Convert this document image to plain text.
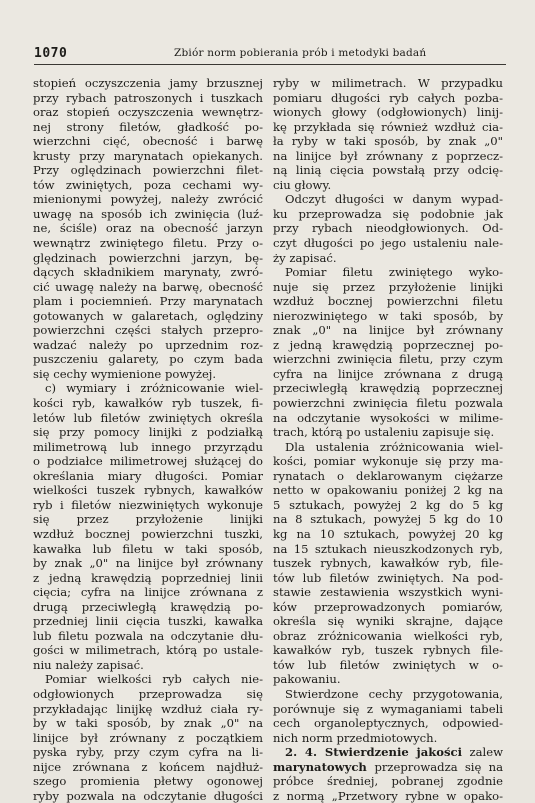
1070	Zbiór norm pobierania prób i metodyki badań
stopień oczyszczenia jamy brzusznej
przy rybach patroszonych i tuszkach
oraz stopień oczyszczenia wewnętrz-
nej strony filetów, gładkość po-
wierzchni cięć, obecność i barwę
krusty przy marynatach opiekanych.
Przy oględzinach powierzchni filet-
tów zwiniętych, poza cechami wy-
mienionymi powyżej, należy zwrócić
uwagę na sposób ich zwinięcia (luź-
ne, ściśle) oraz na obecność jarzyn
wewnątrz zwiniętego filetu. Przy o-
ględzinach powierzchni jarzyn, bę-
dących składnikiem marynaty, zwró-
cić uwagę należy na barwę, obecność
plam i pociemnień. Przy marynatach
gotowanych w galaretach, oględziny
powierzchni części stałych przepro-
wadzać należy po uprzednim roz-
puszczeniu galarety, po czym bada
się cechy wymienione powyżej.
c) wymiary i zróżnicowanie wiel-
kości ryb, kawałków ryb tuszek, fi-
letów lub filetów zwiniętych określa
się przy pomocy linijki z podziałką
milimetrową lub innego przyrządu
o podziałce milimetrowej służącej do
określania miary długości. Pomiar
wielkości tuszek rybnych, kawałków
ryb i filetów niezwiniętych wykonuje
się przez przyłożenie linijki
wzdłuż bocznej powierzchni tuszki,
kawałka lub filetu w taki sposób,
by znak „0" na linijce był zrównany
z jedną krawędzią poprzedniej linii
cięcia; cyfra na linijce zrównana z
drugą przeciwległą krawędzią po-
przedniej linii cięcia tuszki, kawałka
lub filetu pozwala na odczytanie dłu-
gości w milimetrach, którą po ustale-
niu należy zapisać.
Pomiar wielkości ryb całych nie-
odgłowionych przeprowadza się
przykładając linijkę wzdłuż ciała ry-
by w taki sposób, by znak „0" na
linijce był zrównany z początkiem
pyska ryby, przy czym cyfra na li-
nijce zrównana z końcem najdłuż-
szego promienia płetwy ogonowej
ryby pozwala na odczytanie długości
ryby w milimetrach. W przypadku
pomiaru długości ryb całych pozba-
wionych głowy (odgłowionych) linij-
kę przykłada się również wzdłuż cia-
ła ryby w taki sposób, by znak „0"
na linijce był zrównany z poprzecz-
ną linią cięcia powstałą przy odcię-
ciu głowy.
Odczyt długości w danym wypad-
ku przeprowadza się podobnie jak
przy rybach nieodgłowionych. Od-
czyt długości po jego ustaleniu nale-
ży zapisać.
Pomiar filetu zwiniętego wyko-
nuje się przez przyłożenie linijki
wzdłuż bocznej powierzchni filetu
nierozwiniętego w taki sposób, by
znak „0" na linijce był zrównany
z jedną krawędzią poprzecznej po-
wierzchni zwinięcia filetu, przy czym
cyfra na linijce zrównana z drugą
przeciwległą krawędzią poprzecznej
powierzchni zwinięcia filetu pozwala
na odczytanie wysokości w milime-
trach, którą po ustaleniu zapisuje się.
Dla ustalenia zróżnicowania wiel-
kości, pomiar wykonuje się przy ma-
rynatach o deklarowanym ciężarze
netto w opakowaniu poniżej 2 kg na
5 sztukach, powyżej 2 kg do 5 kg
na 8 sztukach, powyżej 5 kg do 10
kg na 10 sztukach, powyżej 20 kg
na 15 sztukach nieuszkodzonych ryb,
tuszek rybnych, kawałków ryb, file-
tów lub filetów zwiniętych. Na pod-
stawie zestawienia wszystkich wyni-
ków przeprowadzonych pomiarów,
określa się wyniki skrajne, dające
obraz zróżnicowania wielkości ryb,
kawałków ryb, tuszek rybnych file-
tów lub filetów zwiniętych w o-
pakowaniu.
Stwierdzone cechy przygotowania,
porównuje się z wymaganiami tabeli
cech organoleptycznych, odpowied-
nich norm przedmiotowych.
2. 4. Stwierdzenie jakości zalew
marynatowych przeprowadza się na
próbce średniej, pobranej zgodnie
z normą „Przetwory rybne w opako-
